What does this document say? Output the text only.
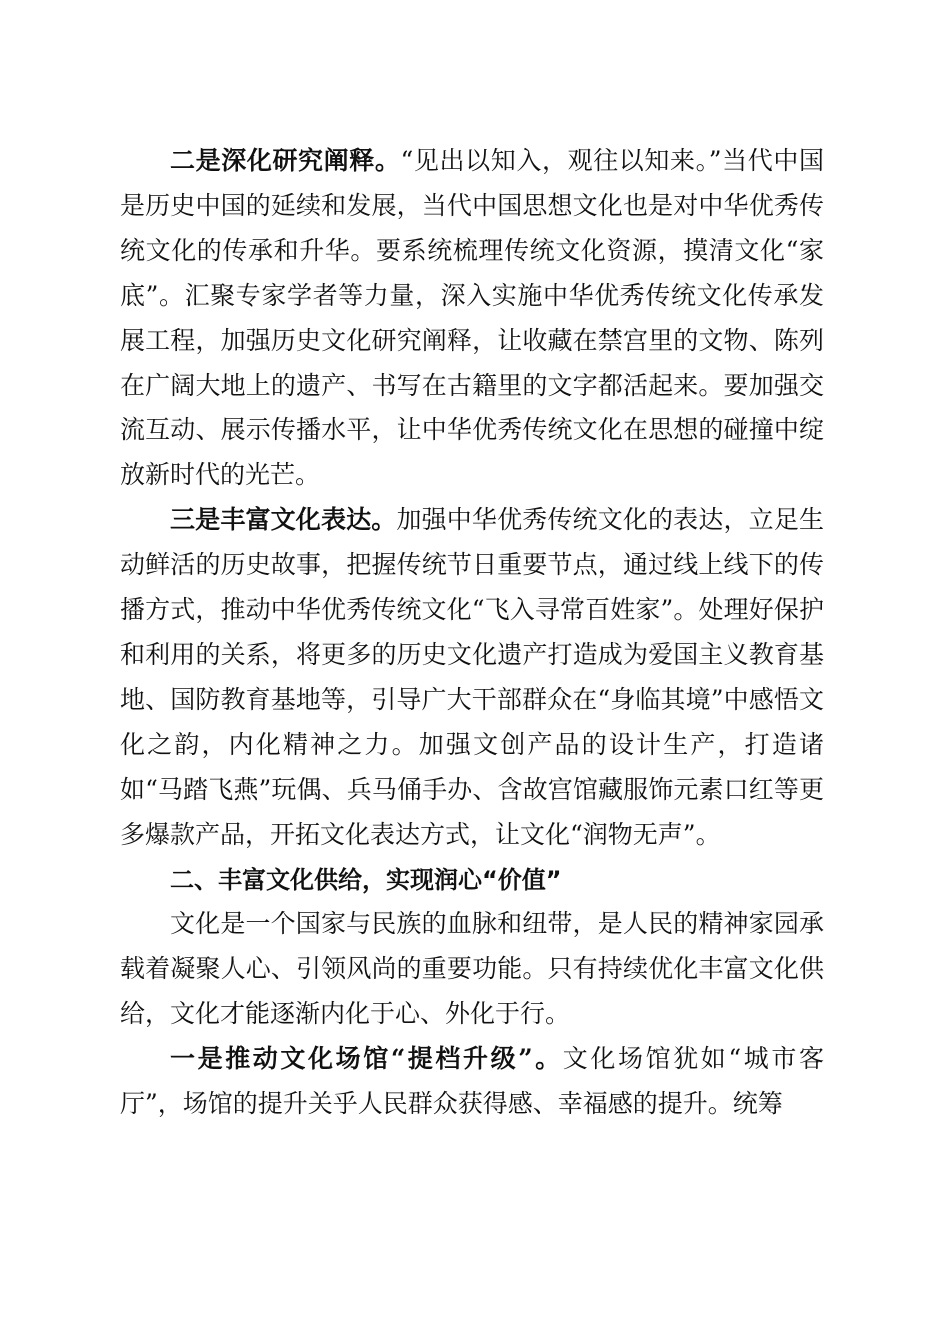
二是深化研究阐释。“见出以知入，观往以知来。”当代中国是历史中国的延续和发展，当代中国思想文化也是对中华优秀传统文化的传承和升华。要系统梳理传统文化资源，摸清文化“家底”。汇聚专家学者等力量，深入实施中华优秀传统文化传承发展工程，加强历史文化研究阐释，让收藏在禁宫里的文物、陈列在广阔大地上的遗产、书写在古籍里的文字都活起来。要加强交流互动、展示传播水平，让中华优秀传统文化在思想的碰撞中绽放新时代的光芒。

三是丰富文化表达。加强中华优秀传统文化的表达，立足生动鲜活的历史故事，把握传统节日重要节点，通过线上线下的传播方式，推动中华优秀传统文化“飞入寻常百姓家”。处理好保护和利用的关系，将更多的历史文化遗产打造成为爱国主义教育基地、国防教育基地等，引导广大干部群众在“身临其境”中感悟文化之韵，内化精神之力。加强文创产品的设计生产，打造诸如“马踏飞燕”玩偶、兵马俑手办、含故宫馆藏服饰元素口红等更多爆款产品，开拓文化表达方式，让文化“润物无声”。

二、丰富文化供给，实现润心“价值”

文化是一个国家与民族的血脉和纽带，是人民的精神家园承载着凝聚人心、引领风尚的重要功能。只有持续优化丰富文化供给，文化才能逐渐内化于心、外化于行。

一是推动文化场馆“提档升级”。文化场馆犹如“城市客厅”，场馆的提升关乎人民群众获得感、幸福感的提升。统筹
